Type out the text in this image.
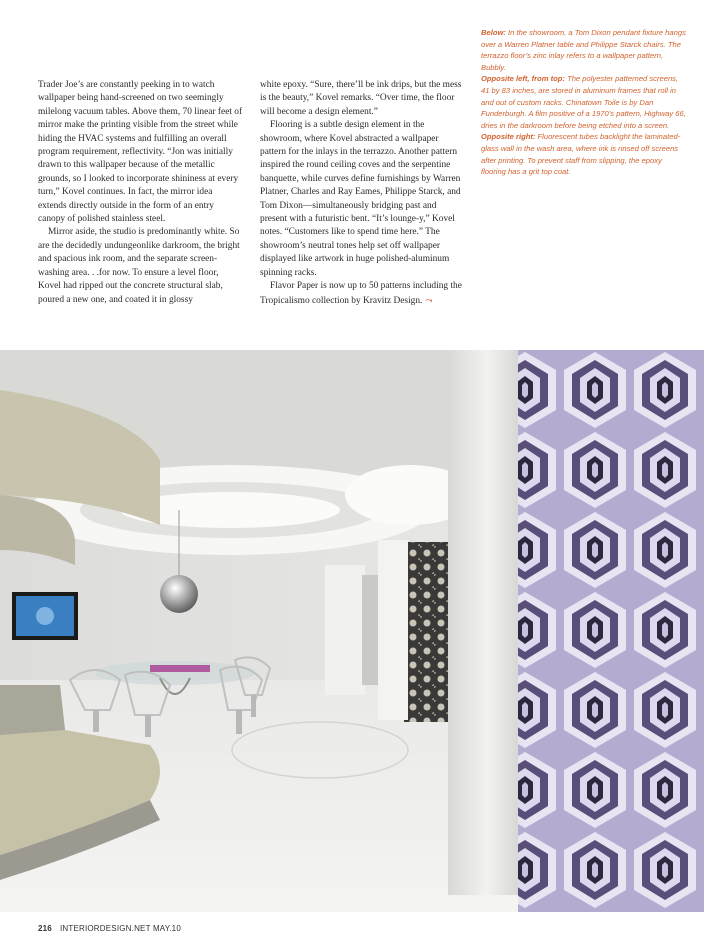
Trader Joe’s are constantly peeking in to watch wallpaper being hand-screened on two seemingly milelong vacuum tables. Above them, 70 linear feet of mirror make the printing visible from the street while hiding the HVAC systems and fulfilling an overall program requirement, reflectivity. “Jon was initially drawn to this wallpaper because of the metallic grounds, so I looked to incorporate shininess at every turn,” Kovel continues. In fact, the mirror idea extends directly outside in the form of an entry canopy of polished stainless steel.

Mirror aside, the studio is predominantly white. So are the decidedly undungeonlike darkroom, the bright and spacious ink room, and the separate screen-washing area. . .for now. To ensure a level floor, Kovel had ripped out the concrete structural slab, poured a new one, and coated it in glossy

white epoxy. “Sure, there’ll be ink drips, but the mess is the beauty,” Kovel remarks. “Over time, the floor will become a design element.”

Flooring is a subtle design element in the showroom, where Kovel abstracted a wallpaper pattern for the inlays in the terrazzo. Another pattern inspired the round ceiling coves and the serpentine banquette, while curves define furnishings by Warren Platner, Charles and Ray Eames, Philippe Starck, and Tom Dixon—simultaneously bridging past and present with a futuristic bent. “It’s lounge-y,” Kovel notes. “Customers like to spend time here.” The showroom’s neutral tones help set off wallpaper displayed like artwork in huge polished-aluminum spinning racks.

Flavor Paper is now up to 50 patterns including the Tropicalismo collection by Kravitz Design. ⤳

Below: In the showroom, a Tom Dixon pendant fixture hangs over a Warren Platner table and Philippe Starck chairs. The terrazzo floor’s zinc inlay refers to a wallpaper pattern, Bubbly.

Opposite left, from top: The polyester patterned screens, 41 by 83 inches, are stored in aluminum frames that roll in and out of custom racks. Chinatown Toile is by Dan Funderburgh. A film positive of a 1970’s pattern, Highway 66, dries in the darkroom before being etched into a screen. Opposite right: Fluorescent tubes backlight the laminated-glass wall in the wash area, where ink is rinsed off screens after printing. To prevent staff from slipping, the epoxy flooring has a grit top coat.

216 INTERIORDESIGN.NET MAY.10
